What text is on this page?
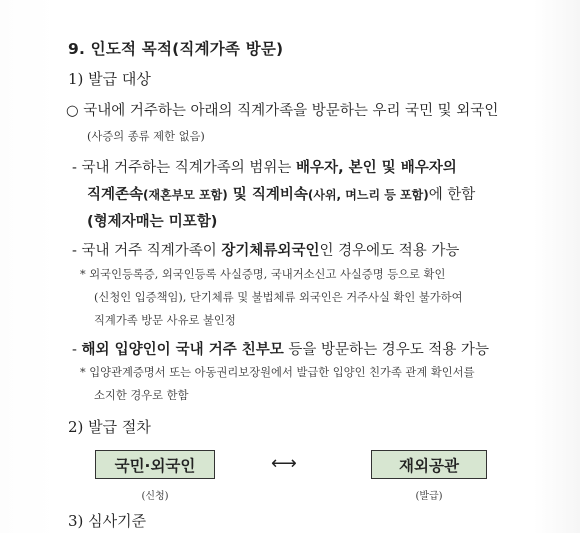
9. 인도적 목적(직계가족 방문)
1) 발급 대상
○ 국내에 거주하는 아래의 직계가족을 방문하는 우리 국민 및 외국인
(사증의 종류 제한 없음)
- 국내 거주하는 직계가족의 범위는 배우자, 본인 및 배우자의
직계존속(재혼부모 포함) 및 직계비속(사위, 며느리 등 포함)에 한함
(형제자매는 미포함)
- 국내 거주 직계가족이 장기체류외국인인 경우에도 적용 가능
* 외국인등록증, 외국인등록 사실증명, 국내거소신고 사실증명 등으로 확인
(신청인 입증책임), 단기체류 및 불법체류 외국인은 거주사실 확인 불가하여
직계가족 방문 사유로 불인정
- 해외 입양인이 국내 거주 친부모 등을 방문하는 경우도 적용 가능
* 입양관계증명서 또는 아동권리보장원에서 발급한 입양인 친가족 관계 확인서를
소지한 경우로 한함
2) 발급 절차
국민·외국인
(신청)
⟷	재외공관
(발급)
3) 심사기준
